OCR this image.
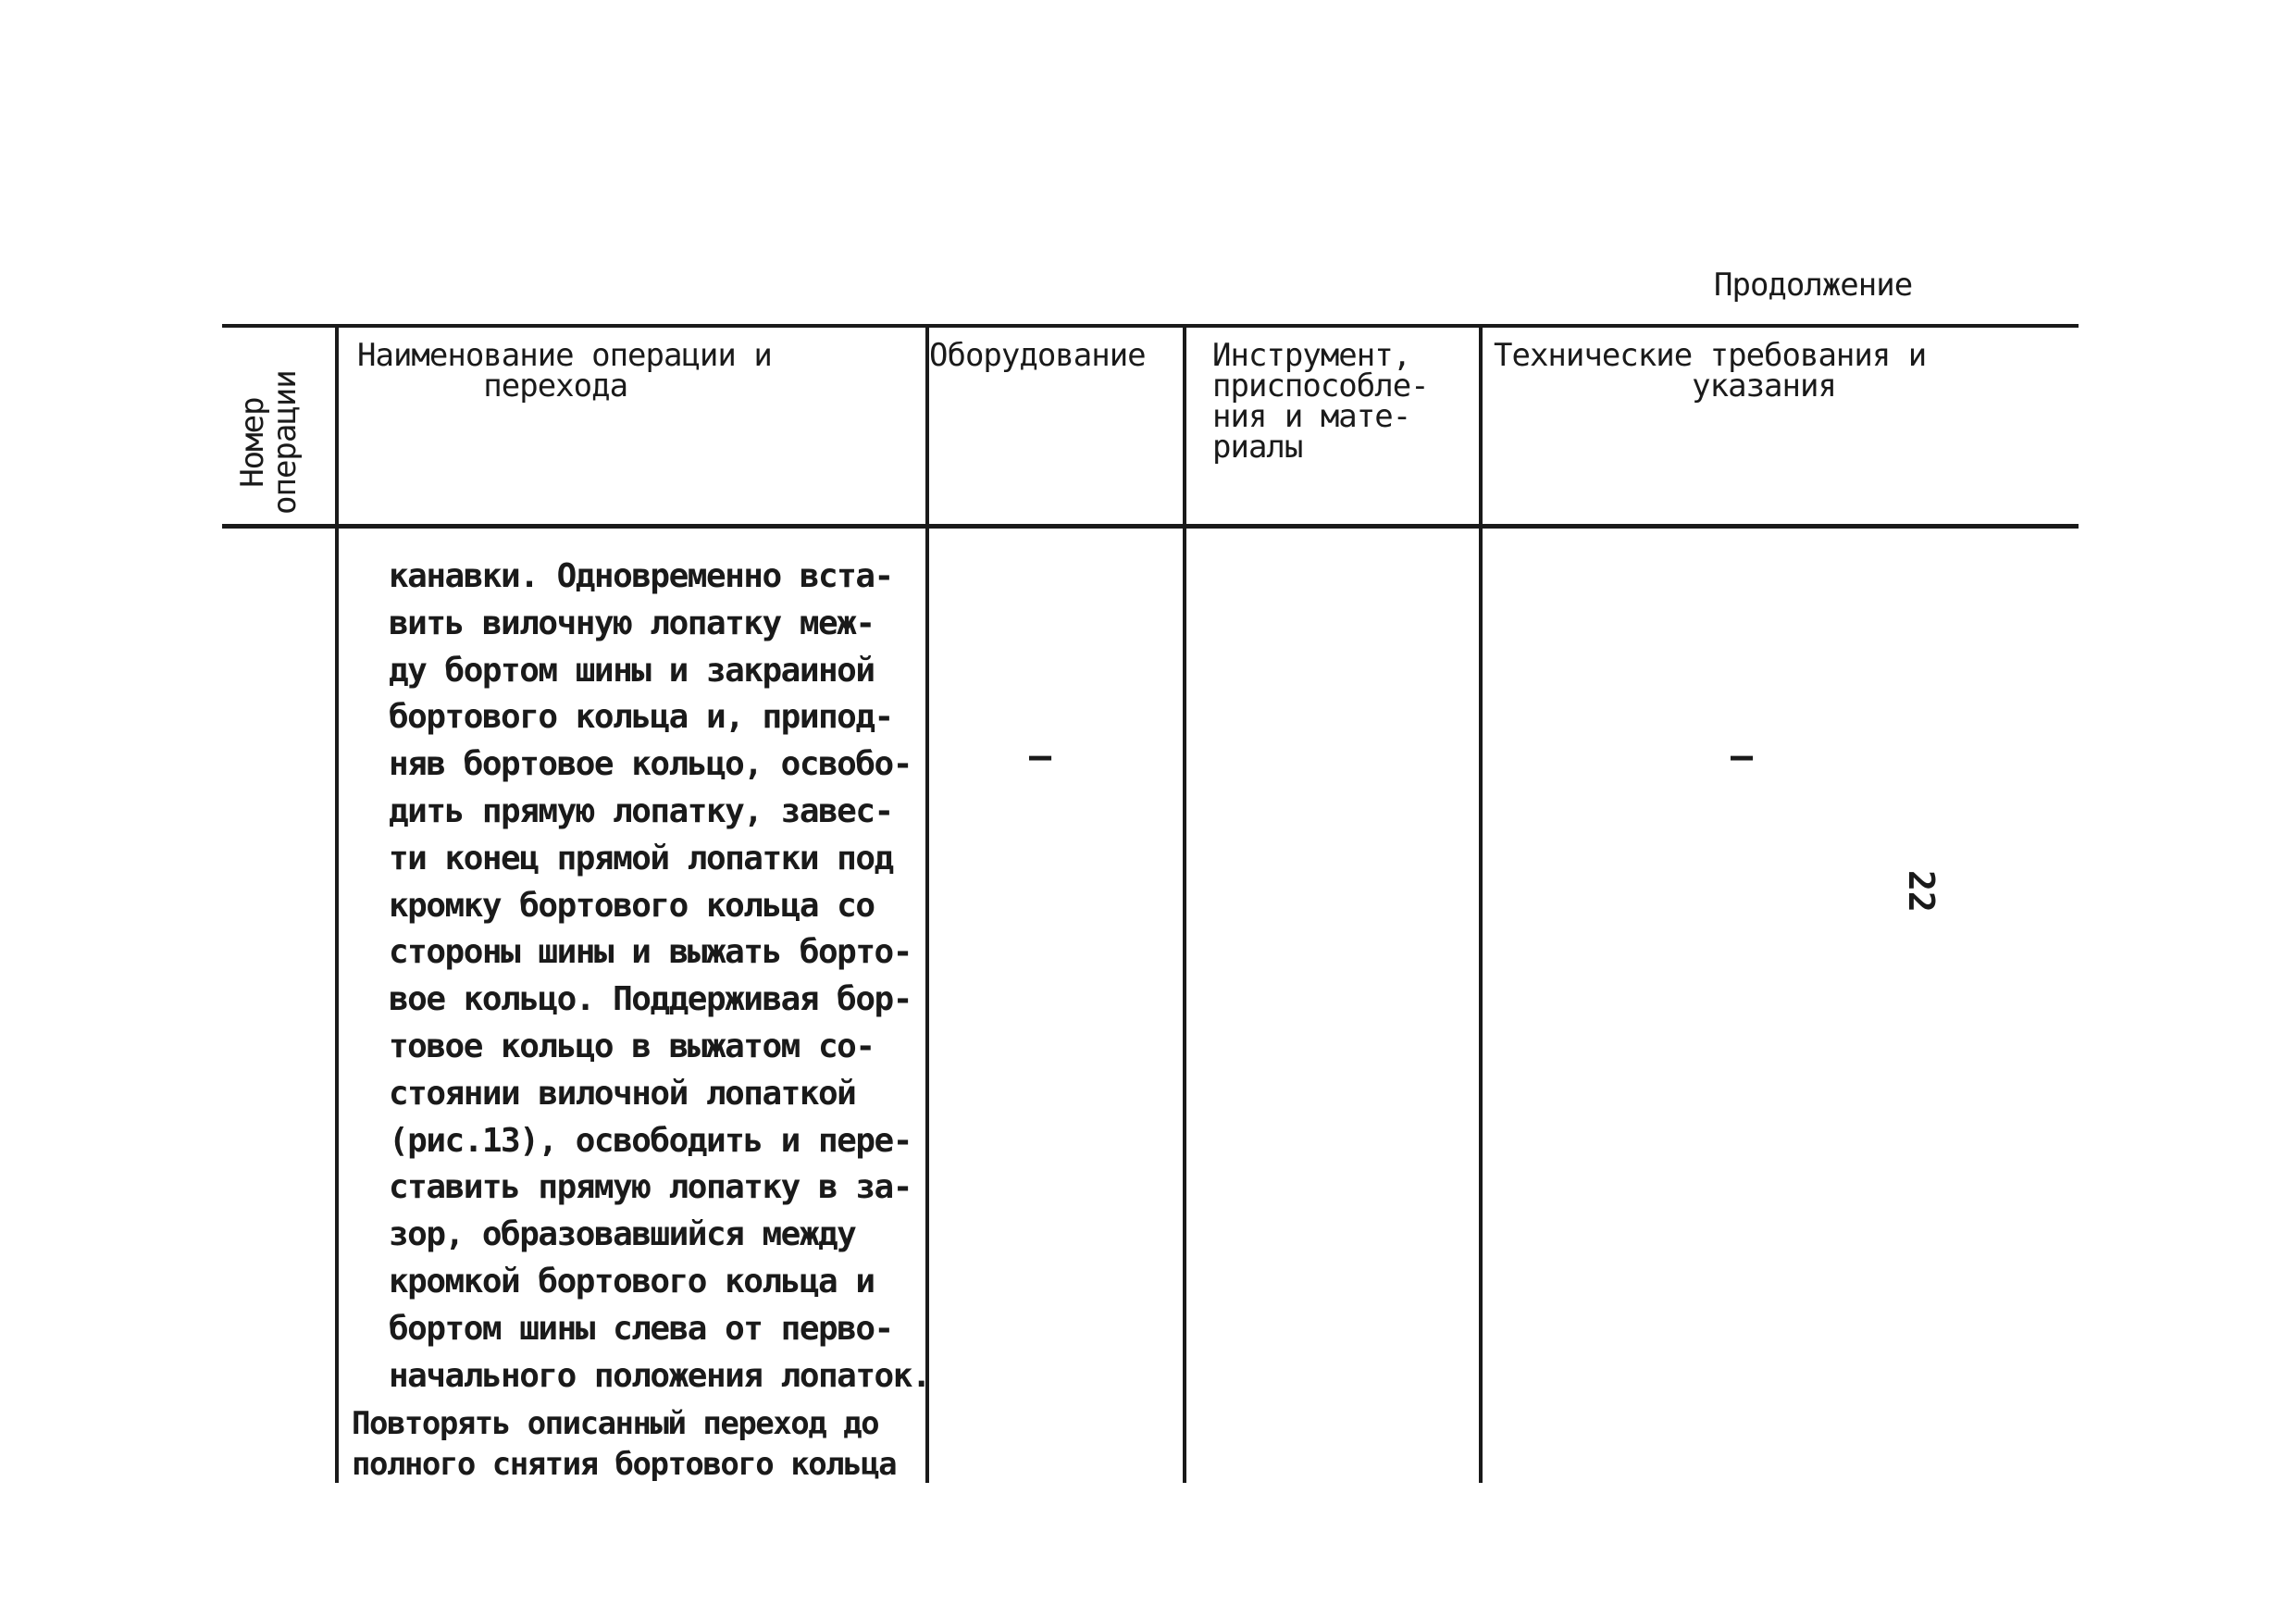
Продолжение
Номер
операции
Наименование операции и
перехода
Оборудование Инструмент,
приспособле-
ния и мате-
риалы
Технические требования и
указания
канавки. Одновременно вста-
вить вилочную лопатку меж-
ду бортом шины и закраиной
бортового кольца и, припод-
няв бортовое кольцо, освобо-
дить прямую лопатку, завес-
ти конец прямой лопатки под
кромку бортового кольца со
стороны шины и выжать борто-
вое кольцо. Поддерживая бор-
товое кольцо в выжатом со-
стоянии вилочной лопаткой
(рис.13), освободить и пере-
ставить прямую лопатку в за-
зор, образовавшийся между
кромкой бортового кольца и
бортом шины слева от перво-
начального положения лопаток.
Повторять описанный переход до
полного снятия бортового кольца
–	–
22
